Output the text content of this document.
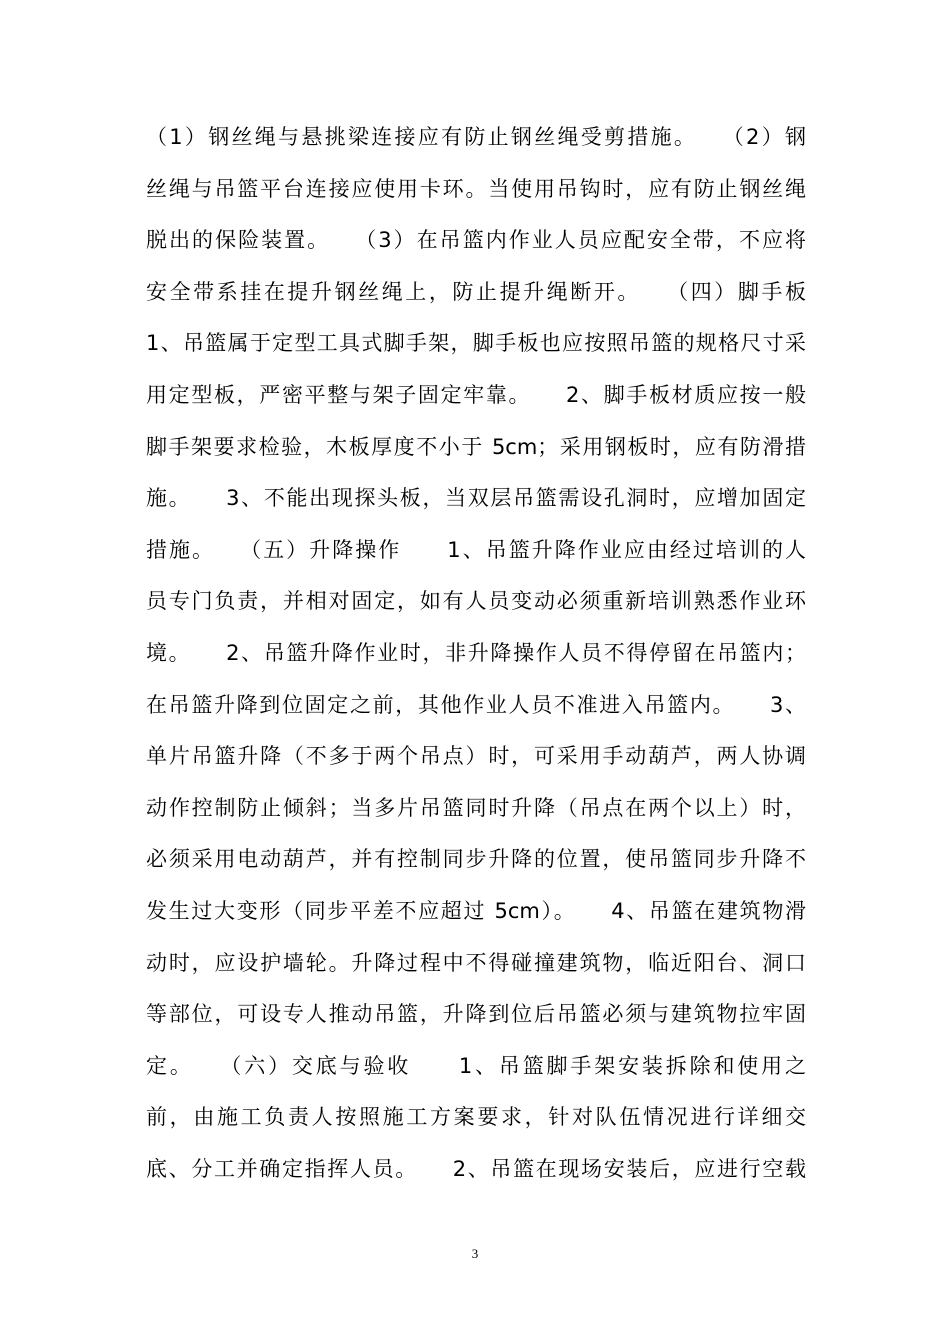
（1）钢丝绳与悬挑梁连接应有防止钢丝绳受剪措施。　　（2）钢
丝绳与吊篮平台连接应使用卡环。当使用吊钩时，应有防止钢丝绳
脱出的保险装置。　　（3）在吊篮内作业人员应配安全带，不应将
安全带系挂在提升钢丝绳上，防止提升绳断开。　　（四）脚手板
1、吊篮属于定型工具式脚手架，脚手板也应按照吊篮的规格尺寸采
用定型板，严密平整与架子固定牢靠。　　2、脚手板材质应按一般
脚手架要求检验，木板厚度不小于 5cm；采用钢板时，应有防滑措
施。　　3、不能出现探头板，当双层吊篮需设孔洞时，应增加固定
措施。　　（五）升降操作　　1、吊篮升降作业应由经过培训的人
员专门负责，并相对固定，如有人员变动必须重新培训熟悉作业环
境。　　2、吊篮升降作业时，非升降操作人员不得停留在吊篮内；
在吊篮升降到位固定之前，其他作业人员不准进入吊篮内。　　3、
单片吊篮升降（不多于两个吊点）时，可采用手动葫芦，两人协调
动作控制防止倾斜；当多片吊篮同时升降（吊点在两个以上）时，
必须采用电动葫芦，并有控制同步升降的位置，使吊篮同步升降不
发生过大变形（同步平差不应超过 5cm）。　　4、吊篮在建筑物滑
动时，应设护墙轮。升降过程中不得碰撞建筑物，临近阳台、洞口
等部位，可设专人推动吊篮，升降到位后吊篮必须与建筑物拉牢固
定。　　（六）交底与验收　　1、吊篮脚手架安装拆除和使用之
前，由施工负责人按照施工方案要求，针对队伍情况进行详细交
底、分工并确定指挥人员。　　2、吊篮在现场安装后，应进行空载
3
